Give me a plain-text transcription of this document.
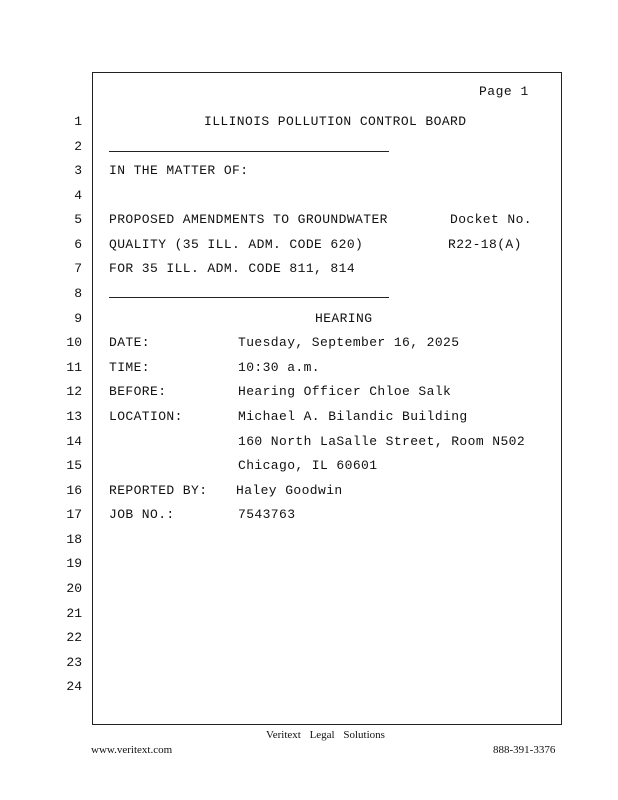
Page 1
1
2
3
4
5
6
7
8
9
10
11
12
13
14
15
16
17
18
19
20
21
22
23
24
ILLINOIS POLLUTION CONTROL BOARD
IN THE MATTER OF:
PROPOSED AMENDMENTS TO GROUNDWATER	Docket No.
QUALITY (35 ILL. ADM. CODE 620)	R22-18(A)
FOR 35 ILL. ADM. CODE 811, 814
HEARING
DATE:	Tuesday, September 16, 2025
TIME:	10:30 a.m.
BEFORE:	Hearing Officer Chloe Salk
LOCATION:	Michael A. Bilandic Building
160 North LaSalle Street, Room N502
Chicago, IL 60601
REPORTED BY: Haley Goodwin
JOB NO.:	7543763
Veritext Legal Solutions
www.veritext.com	888-391-3376
